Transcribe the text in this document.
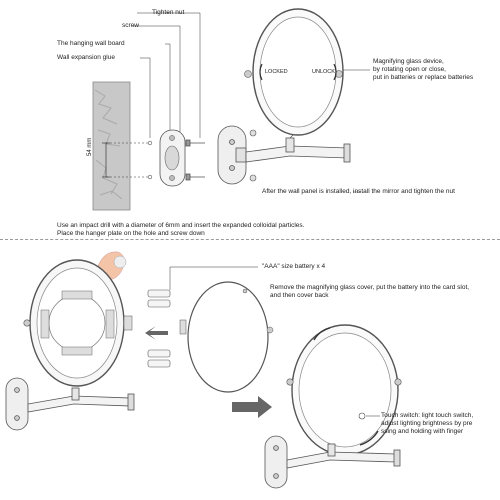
Tighten nut
screw
The hanging wall board
Wall expansion glue
54 mm
LOCKED	UNLOCK
Magnifying glass device,
by rotating open or close,
put in batteries or replace batteries
After the wall panel is installed, install the mirror and tighten the nut
Use an impact drill with a diameter of 6mm and insert the expanded colloidal particles.
Place the hanger plate on the hole and screw down
"AAA" size battery x 4
Remove the magnifying glass cover, put the battery into the card slot,
and then cover back
Touch switch: light touch switch,
adjust lighting brightness by pre
ssing and holding with finger
